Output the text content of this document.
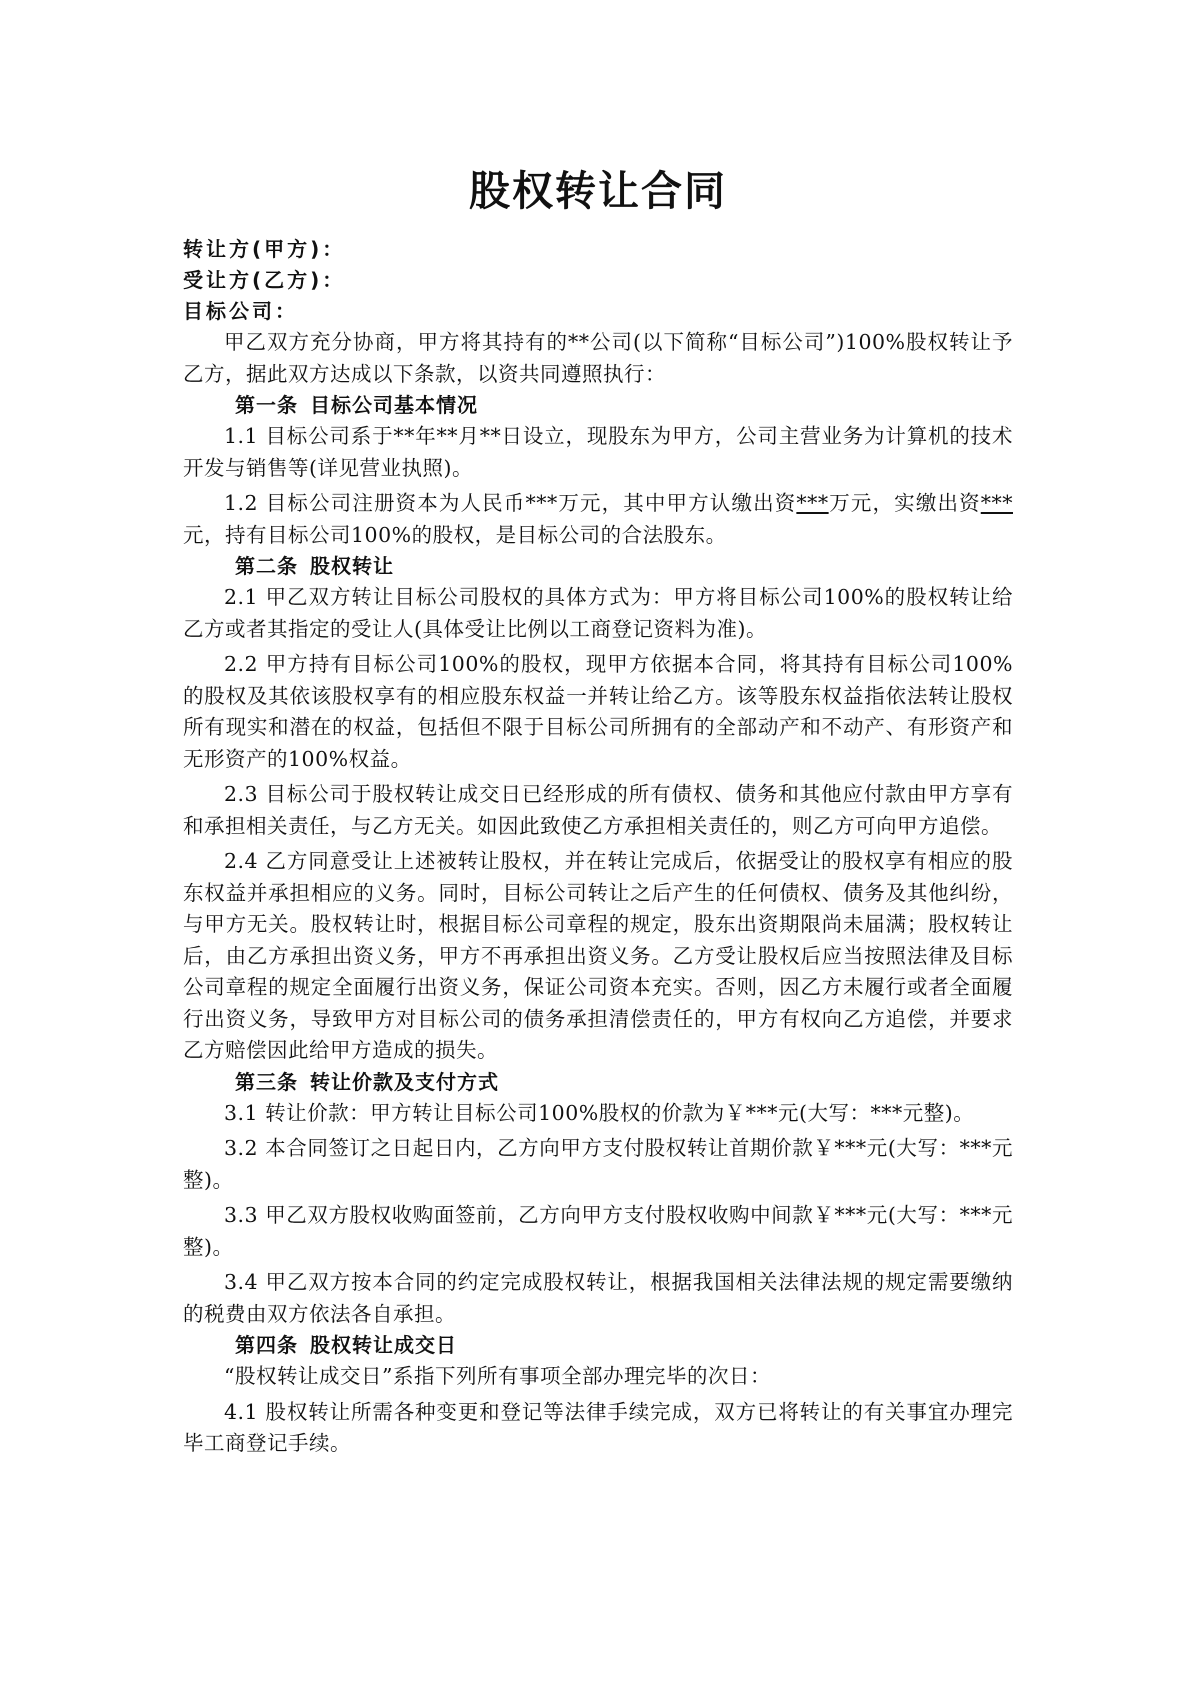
股权转让合同
转让方(甲方)：
受让方(乙方)：
目标公司：

甲乙双方充分协商，甲方将其持有的**公司(以下简称“目标公司”)100%股权转让予乙方，据此双方达成以下条款，以资共同遵照执行：

第一条 目标公司基本情况

1.1 目标公司系于**年**月**日设立，现股东为甲方，公司主营业务为计算机的技术开发与销售等(详见营业执照)。

1.2 目标公司注册资本为人民币***万元，其中甲方认缴出资***万元，实缴出资***元，持有目标公司100%的股权，是目标公司的合法股东。

第二条 股权转让

2.1 甲乙双方转让目标公司股权的具体方式为：甲方将目标公司100%的股权转让给乙方或者其指定的受让人(具体受让比例以工商登记资料为准)。

2.2 甲方持有目标公司100%的股权，现甲方依据本合同，将其持有目标公司100%的股权及其依该股权享有的相应股东权益一并转让给乙方。该等股东权益指依法转让股权所有现实和潜在的权益，包括但不限于目标公司所拥有的全部动产和不动产、有形资产和无形资产的100%权益。

2.3 目标公司于股权转让成交日已经形成的所有债权、债务和其他应付款由甲方享有和承担相关责任，与乙方无关。如因此致使乙方承担相关责任的，则乙方可向甲方追偿。

2.4 乙方同意受让上述被转让股权，并在转让完成后，依据受让的股权享有相应的股东权益并承担相应的义务。同时，目标公司转让之后产生的任何债权、债务及其他纠纷，与甲方无关。股权转让时，根据目标公司章程的规定，股东出资期限尚未届满；股权转让后，由乙方承担出资义务，甲方不再承担出资义务。乙方受让股权后应当按照法律及目标公司章程的规定全面履行出资义务，保证公司资本充实。否则，因乙方未履行或者全面履行出资义务，导致甲方对目标公司的债务承担清偿责任的，甲方有权向乙方追偿，并要求乙方赔偿因此给甲方造成的损失。

第三条 转让价款及支付方式

3.1 转让价款：甲方转让目标公司100%股权的价款为￥***元(大写：***元整)。

3.2 本合同签订之日起日内，乙方向甲方支付股权转让首期价款￥***元(大写：***元整)。

3.3 甲乙双方股权收购面签前，乙方向甲方支付股权收购中间款￥***元(大写：***元整)。

3.4 甲乙双方按本合同的约定完成股权转让，根据我国相关法律法规的规定需要缴纳的税费由双方依法各自承担。

第四条 股权转让成交日

“股权转让成交日”系指下列所有事项全部办理完毕的次日：

4.1 股权转让所需各种变更和登记等法律手续完成，双方已将转让的有关事宜办理完毕工商登记手续。
